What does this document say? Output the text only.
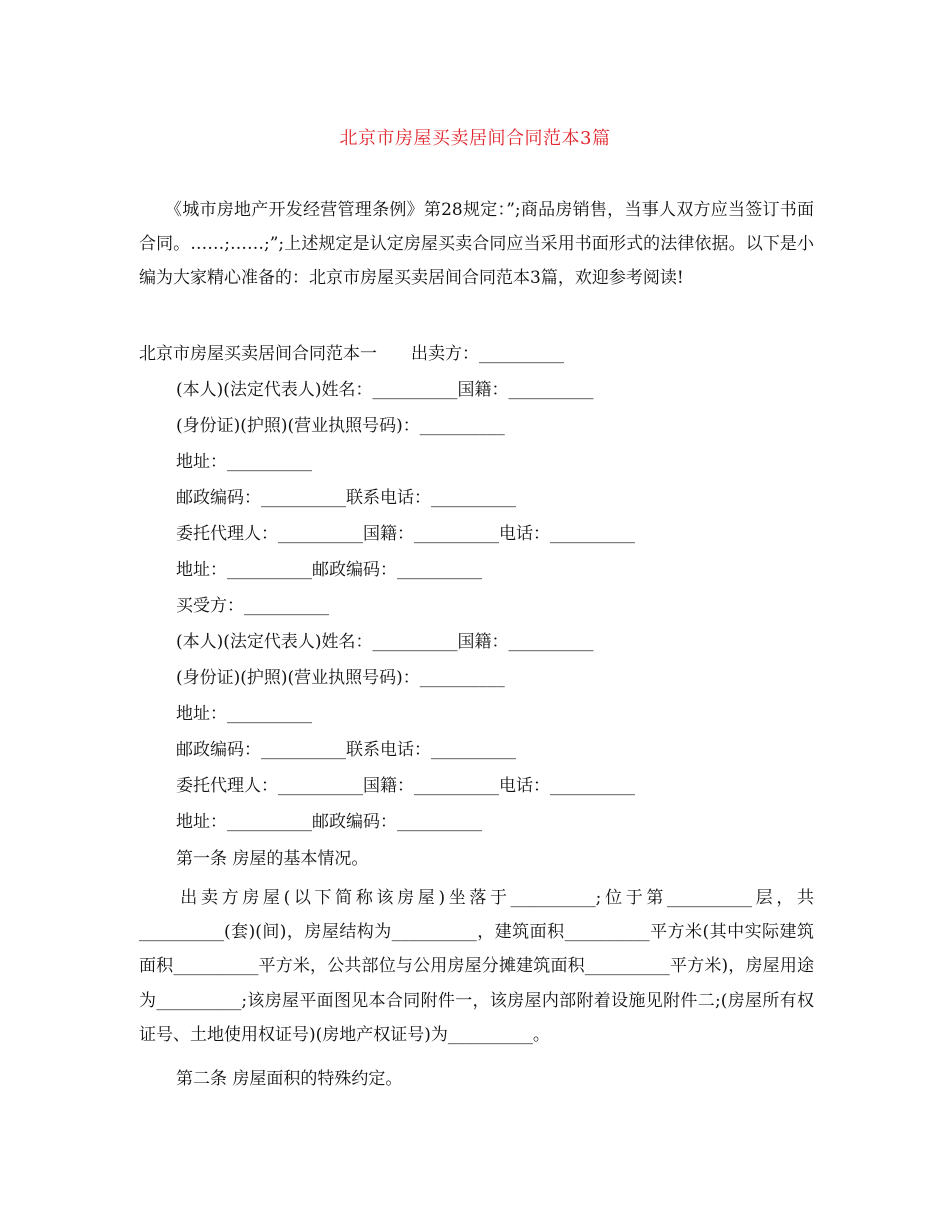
北京市房屋买卖居间合同范本3篇

　　《城市房地产开发经营管理条例》第28规定：”;商品房销售，当事人双方应当签订书面合同。……;……;”;上述规定是认定房屋买卖合同应当采用书面形式的法律依据。以下是小编为大家精心准备的：北京市房屋买卖居间合同范本3篇，欢迎参考阅读!

北京市房屋买卖居间合同范本一　　出卖方：__________
(本人)(法定代表人)姓名：__________国籍：__________
(身份证)(护照)(营业执照号码)：__________
地址：__________
邮政编码：__________联系电话：__________
委托代理人：__________国籍：__________电话：__________
地址：__________邮政编码：__________
买受方：__________
(本人)(法定代表人)姓名：__________国籍：__________
(身份证)(护照)(营业执照号码)：__________
地址：__________
邮政编码：__________联系电话：__________
委托代理人：__________国籍：__________电话：__________
地址：__________邮政编码：__________
第一条 房屋的基本情况。

　　出卖方房屋(以下简称该房屋)坐落于__________;位于第__________层，共__________(套)(间)，房屋结构为__________，建筑面积__________平方米(其中实际建筑面积__________平方米，公共部位与公用房屋分摊建筑面积__________平方米)，房屋用途为__________;该房屋平面图见本合同附件一，该房屋内部附着设施见附件二;(房屋所有权证号、土地使用权证号)(房地产权证号)为__________。

第二条 房屋面积的特殊约定。
